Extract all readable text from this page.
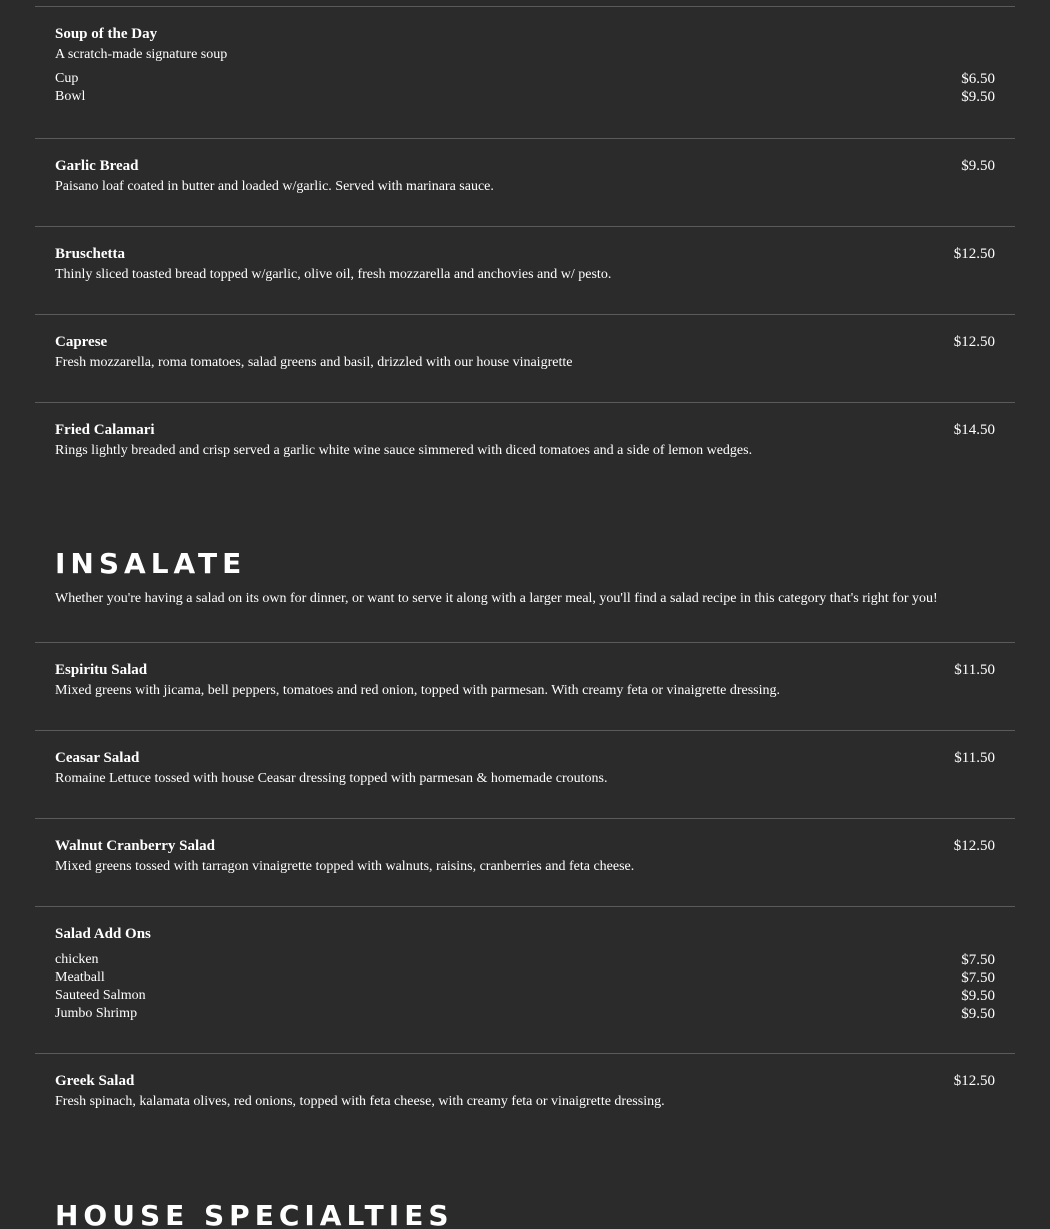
Soup of the Day
A scratch-made signature soup
Cup	$6.50
Bowl	$9.50
Garlic Bread	$9.50
Paisano loaf coated in butter and loaded w/garlic. Served with marinara sauce.
Bruschetta	$12.50
Thinly sliced toasted bread topped w/garlic, olive oil, fresh mozzarella and anchovies and w/ pesto.
Caprese	$12.50
Fresh mozzarella, roma tomatoes, salad greens and basil, drizzled with our house vinaigrette
Fried Calamari	$14.50
Rings lightly breaded and crisp served a garlic white wine sauce simmered with diced tomatoes and a side of lemon wedges.
INSALATE
Whether you're having a salad on its own for dinner, or want to serve it along with a larger meal, you'll find a salad recipe in this category that's right for you!
Espiritu Salad	$11.50
Mixed greens with jicama, bell peppers, tomatoes and red onion, topped with parmesan. With creamy feta or vinaigrette dressing.
Ceasar Salad	$11.50
Romaine Lettuce tossed with house Ceasar dressing topped with parmesan & homemade croutons.
Walnut Cranberry Salad	$12.50
Mixed greens tossed with tarragon vinaigrette topped with walnuts, raisins, cranberries and feta cheese.
Salad Add Ons
chicken	$7.50
Meatball	$7.50
Sauteed Salmon	$9.50
Jumbo Shrimp	$9.50
Greek Salad	$12.50
Fresh spinach, kalamata olives, red onions, topped with feta cheese, with creamy feta or vinaigrette dressing.
HOUSE SPECIALTIES
